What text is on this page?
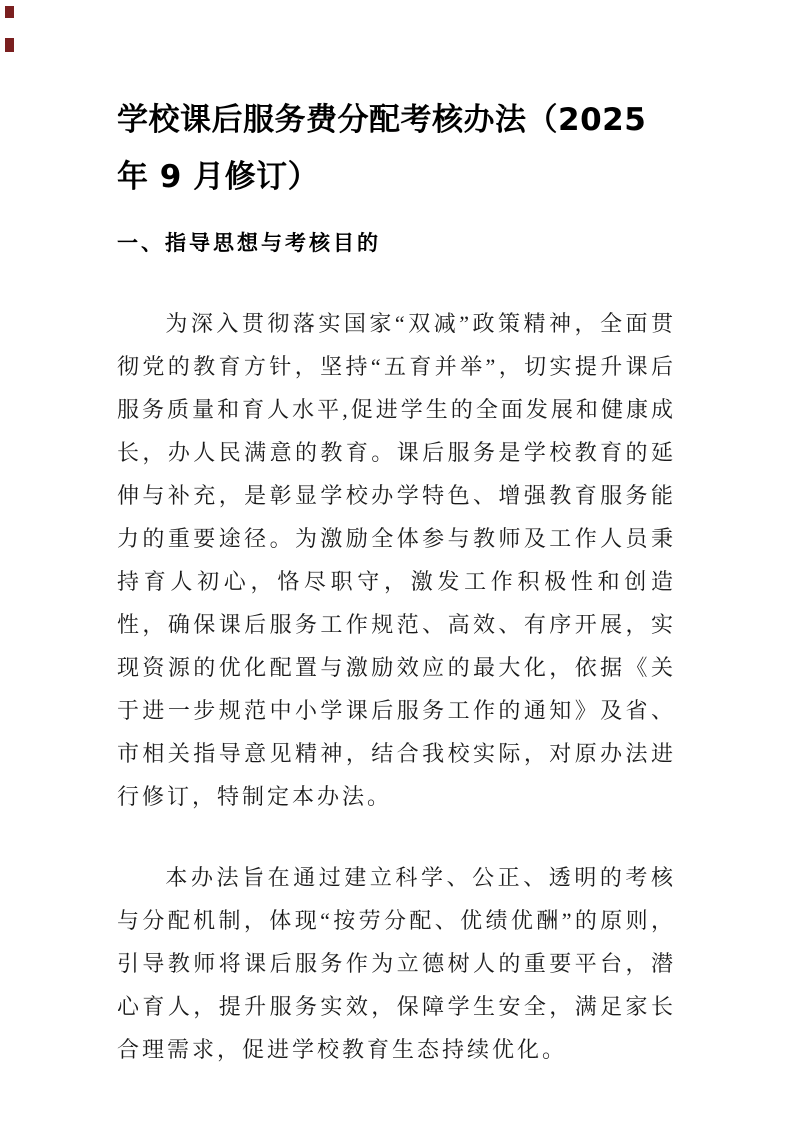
学校课后服务费分配考核办法（2025 年 9 月修订）
一、指导思想与考核目的

为深入贯彻落实国家“双减”政策精神，全面贯彻党的教育方针，坚持“五育并举”，切实提升课后服务质量和育人水平,促进学生的全面发展和健康成长，办人民满意的教育。课后服务是学校教育的延伸与补充，是彰显学校办学特色、增强教育服务能力的重要途径。为激励全体参与教师及工作人员秉持育人初心，恪尽职守，激发工作积极性和创造性，确保课后服务工作规范、高效、有序开展，实现资源的优化配置与激励效应的最大化，依据《关于进一步规范中小学课后服务工作的通知》及省、市相关指导意见精神，结合我校实际，对原办法进行修订，特制定本办法。

本办法旨在通过建立科学、公正、透明的考核与分配机制，体现“按劳分配、优绩优酬”的原则，引导教师将课后服务作为立德树人的重要平台，潜心育人，提升服务实效，保障学生安全，满足家长合理需求，促进学校教育生态持续优化。
